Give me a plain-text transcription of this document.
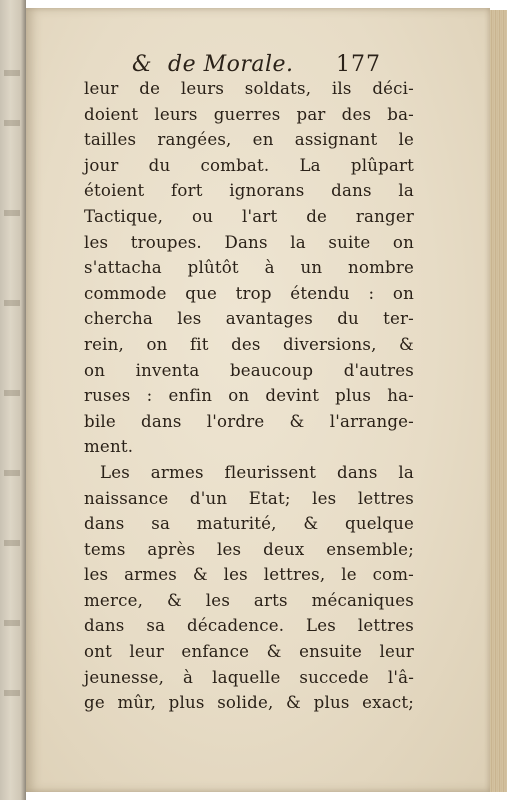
& de Morale. 177
leur de leurs soldats, ils déci-
doient leurs guerres par des ba-
tailles rangées, en assignant le
jour du combat. La plûpart
étoient fort ignorans dans la
Tactique, ou l'art de ranger
les troupes. Dans la suite on
s'attacha plûtôt à un nombre
commode que trop étendu : on
chercha les avantages du ter-
rein, on fit des diversions, &
on inventa beaucoup d'autres
ruses : enfin on devint plus ha-
bile dans l'ordre & l'arrange-
ment.
Les armes fleurissent dans la
naissance d'un Etat; les lettres
dans sa maturité, & quelque
tems après les deux ensemble;
les armes & les lettres, le com-
merce, & les arts mécaniques
dans sa décadence. Les lettres
ont leur enfance & ensuite leur
jeunesse, à laquelle succede l'â-
ge mûr, plus solide, & plus exact;
